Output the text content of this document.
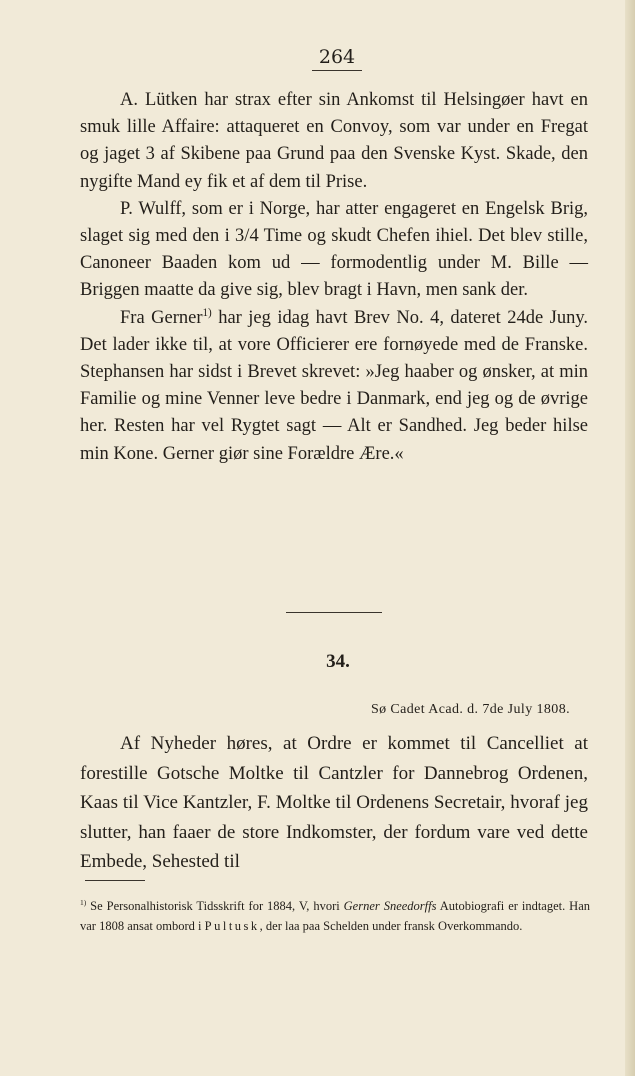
264

A. Lütken har strax efter sin Ankomst til Helsingøer havt en smuk lille Affaire: attaqueret en Convoy, som var under en Fregat og jaget 3 af Skibene paa Grund paa den Svenske Kyst. Skade, den nygifte Mand ey fik et af dem til Prise.

P. Wulff, som er i Norge, har atter engageret en Engelsk Brig, slaget sig med den i 3/4 Time og skudt Chefen ihiel. Det blev stille, Canoneer Baaden kom ud — formodentlig under M. Bille — Briggen maatte da give sig, blev bragt i Havn, men sank der.

Fra Gerner$^{1)}$ har jeg idag havt Brev No. 4, dateret 24de Juny. Det lader ikke til, at vore Officierer ere fornøyede med de Franske. Stephansen har sidst i Brevet skrevet: »Jeg haaber og ønsker, at min Familie og mine Venner leve bedre i Danmark, end jeg og de øvrige her. Resten har vel Rygtet sagt — Alt er Sandhed. Jeg beder hilse min Kone. Gerner giør sine Forældre Ære.«

34.
Sø Cadet Acad. d. 7de July 1808.

Af Nyheder høres, at Ordre er kommet til Cancelliet at forestille Gotsche Moltke til Cantzler for Dannebrog Ordenen, Kaas til Vice Kantzler, F. Moltke til Ordenens Secretair, hvoraf jeg slutter, han faaer de store Indkomster, der fordum vare ved dette Embede, Sehested til

$^{1)}$ Se Personalhistorisk Tidsskrift for 1884, V, hvori Gerner Sneedorffs Autobiografi er indtaget. Han var 1808 ansat ombord i Pultusk, der laa paa Schelden under fransk Overkommando.
